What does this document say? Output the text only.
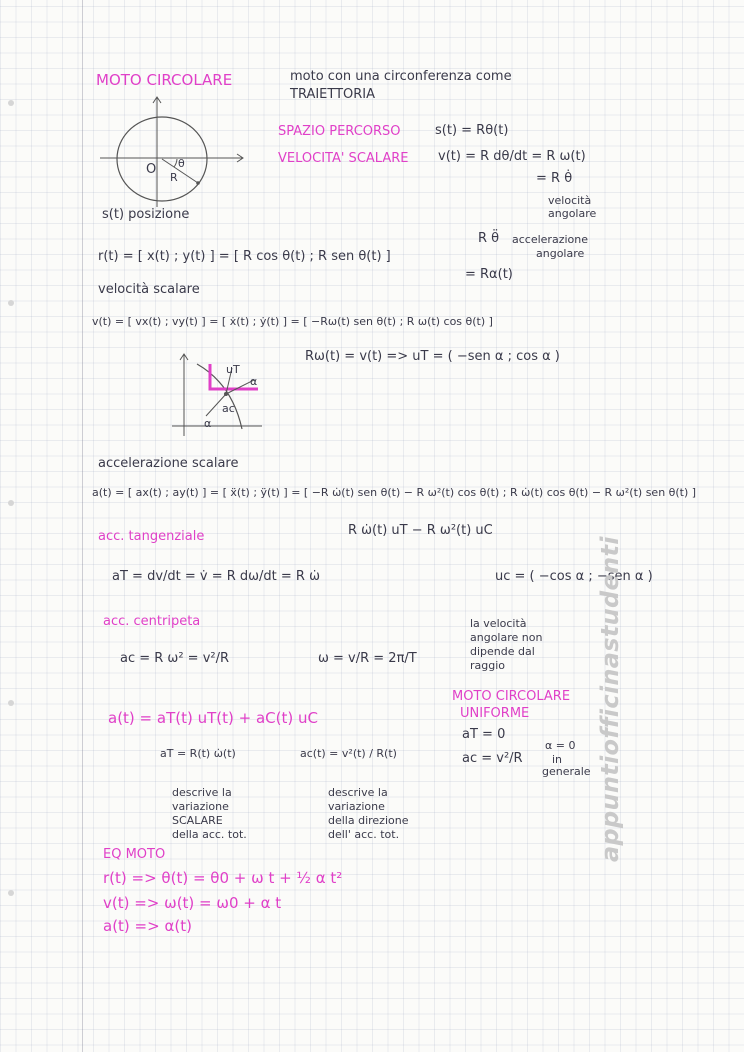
MOTO CIRCOLARE	moto con una circonferenza come
TRAIETTORIA
O θ
R
SPAZIO PERCORSO	s(t) = Rθ(t)
VELOCITA' SCALARE v(t) = R dθ/dt = R ω(t)
= R θ̇
velocità
angolare
s(t) posizione
r(t) = [ x(t) ; y(t) ] = [ R cos θ(t) ; R sen θ(t) ]
R θ̈ accelerazione
angolare
= Rα(t)
velocità scalare
v(t) = [ vx(t) ; vy(t) ] = [ ẋ(t) ; ẏ(t) ] = [ −Rω(t) sen θ(t) ; R ω(t) cos θ(t) ]
Rω(t) = v(t) => uT = ( −sen α ; cos α )
uT
α
ac
α
accelerazione scalare
a(t) = [ ax(t) ; ay(t) ] = [ ẍ(t) ; ÿ(t) ] = [ −R ω̇(t) sen θ(t) − R ω²(t) cos θ(t) ; R ω̇(t) cos θ(t) − R ω²(t) sen θ(t) ]
acc. tangenziale	R ω̇(t) uT − R ω²(t) uC
aT = dv/dt = v̇ = R dω/dt = R ω̇	uc = ( −cos α ; −sen α )
acc. centripeta
ac = R ω² = v²/R	ω = v/R = 2π/T
la velocità
angolare non
dipende dal
raggio
a(t) = aT(t) uT(t) + aC(t) uC
aT = R(t) ω̇(t)	ac(t) = v²(t) / R(t)
descrive la
variazione
SCALARE
della acc. tot.
descrive la
variazione
della direzione
dell' acc. tot.
MOTO CIRCOLARE
UNIFORME
aT = 0
ac = v²/R
α = 0
in
generale
EQ MOTO
r(t) => θ(t) = θ0 + ω t + ½ α t²
v(t) => ω(t) = ω0 + α t
a(t) => α(t)
appuntiofficinastudenti
